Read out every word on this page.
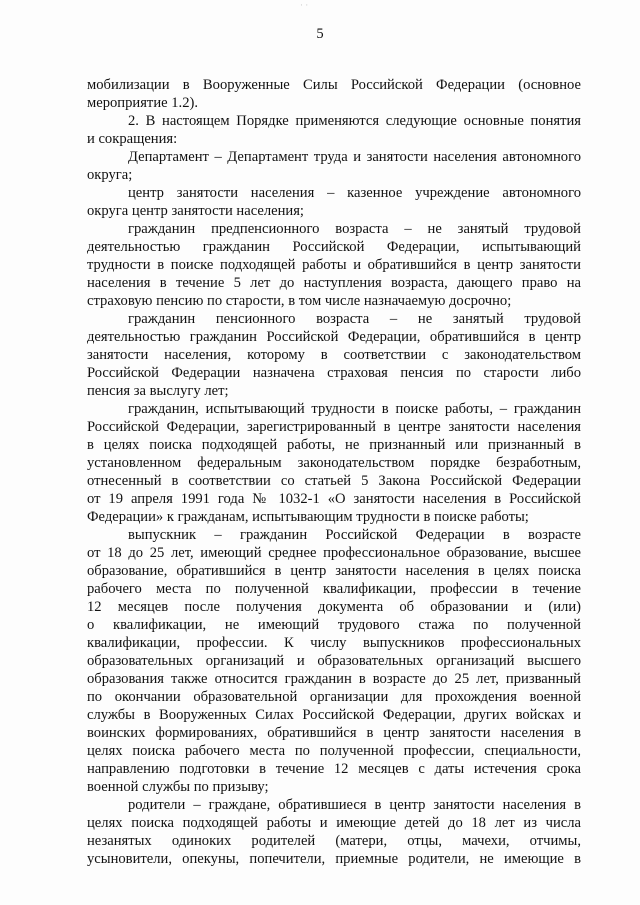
· ·
5
мобилизации в Вооруженные Силы Российской Федерации (основное
мероприятие 1.2).
2. В настоящем Порядке применяются следующие основные понятия
и сокращения:
Департамент – Департамент труда и занятости населения автономного
округа;
центр занятости населения – казенное учреждение автономного
округа центр занятости населения;
гражданин предпенсионного возраста – не занятый трудовой
деятельностью гражданин Российской Федерации, испытывающий
трудности в поиске подходящей работы и обратившийся в центр занятости
населения в течение 5 лет до наступления возраста, дающего право на
страховую пенсию по старости, в том числе назначаемую досрочно;
гражданин пенсионного возраста – не занятый трудовой
деятельностью гражданин Российской Федерации, обратившийся в центр
занятости населения, которому в соответствии с законодательством
Российской Федерации назначена страховая пенсия по старости либо
пенсия за выслугу лет;
гражданин, испытывающий трудности в поиске работы, – гражданин
Российской Федерации, зарегистрированный в центре занятости населения
в целях поиска подходящей работы, не признанный или признанный в
установленном федеральным законодательством порядке безработным,
отнесенный в соответствии со статьей 5 Закона Российской Федерации
от 19 апреля 1991 года № 1032-1 «О занятости населения в Российской
Федерации» к гражданам, испытывающим трудности в поиске работы;
выпускник – гражданин Российской Федерации в возрасте
от 18 до 25 лет, имеющий среднее профессиональное образование, высшее
образование, обратившийся в центр занятости населения в целях поиска
рабочего места по полученной квалификации, профессии в течение
12 месяцев после получения документа об образовании и (или)
о квалификации, не имеющий трудового стажа по полученной
квалификации, профессии. К числу выпускников профессиональных
образовательных организаций и образовательных организаций высшего
образования также относится гражданин в возрасте до 25 лет, призванный
по окончании образовательной организации для прохождения военной
службы в Вооруженных Силах Российской Федерации, других войсках и
воинских формированиях, обратившийся в центр занятости населения в
целях поиска рабочего места по полученной профессии, специальности,
направлению подготовки в течение 12 месяцев с даты истечения срока
военной службы по призыву;
родители – граждане, обратившиеся в центр занятости населения в
целях поиска подходящей работы и имеющие детей до 18 лет из числа
незанятых одиноких родителей (матери, отцы, мачехи, отчимы,
усыновители, опекуны, попечители, приемные родители, не имеющие в
